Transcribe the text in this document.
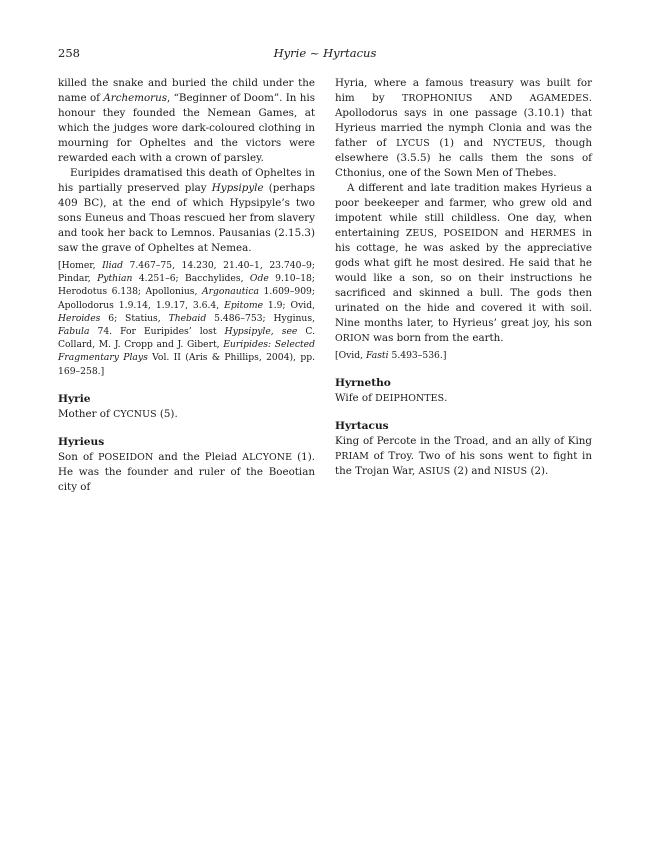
258	Hyrie ~ Hyrtacus

killed the snake and buried the child under the name of Archemorus, “Beginner of Doom”. In his honour they founded the Nemean Games, at which the judges wore dark-coloured clothing in mourning for Opheltes and the victors were rewarded each with a crown of parsley.

Euripides dramatised this death of Opheltes in his partially preserved play Hypsipyle (perhaps 409 BC), at the end of which Hypsipyle’s two sons Euneus and Thoas rescued her from slavery and took her back to Lemnos. Pausanias (2.15.3) saw the grave of Opheltes at Nemea.

[Homer, Iliad 7.467–75, 14.230, 21.40–1, 23.740–9; Pindar, Pythian 4.251–6; Bacchylides, Ode 9.10–18; Herodotus 6.138; Apollonius, Argonautica 1.609–909; Apollodorus 1.9.14, 1.9.17, 3.6.4, Epitome 1.9; Ovid, Heroides 6; Statius, Thebaid 5.486–753; Hyginus, Fabula 74. For Euripides’ lost Hypsipyle, see C. Collard, M. J. Cropp and J. Gibert, Euripides: Selected Fragmentary Plays Vol. II (Aris & Phillips, 2004), pp. 169–258.]

Hyrie

Mother of CYCNUS (5).

Hyrieus

Son of POSEIDON and the Pleiad ALCYONE (1). He was the founder and ruler of the Boeotian city of

Hyria, where a famous treasury was built for him by TROPHONIUS AND AGAMEDES. Apollodorus says in one passage (3.10.1) that Hyrieus married the nymph Clonia and was the father of LYCUS (1) and NYCTEUS, though elsewhere (3.5.5) he calls them the sons of Cthonius, one of the Sown Men of Thebes.

A different and late tradition makes Hyrieus a poor beekeeper and farmer, who grew old and impotent while still childless. One day, when entertaining ZEUS, POSEIDON and HERMES in his cottage, he was asked by the appreciative gods what gift he most desired. He said that he would like a son, so on their instructions he sacrificed and skinned a bull. The gods then urinated on the hide and covered it with soil. Nine months later, to Hyrieus’ great joy, his son ORION was born from the earth.

[Ovid, Fasti 5.493–536.]

Hyrnetho

Wife of DEIPHONTES.

Hyrtacus

King of Percote in the Troad, and an ally of King PRIAM of Troy. Two of his sons went to fight in the Trojan War, ASIUS (2) and NISUS (2).
